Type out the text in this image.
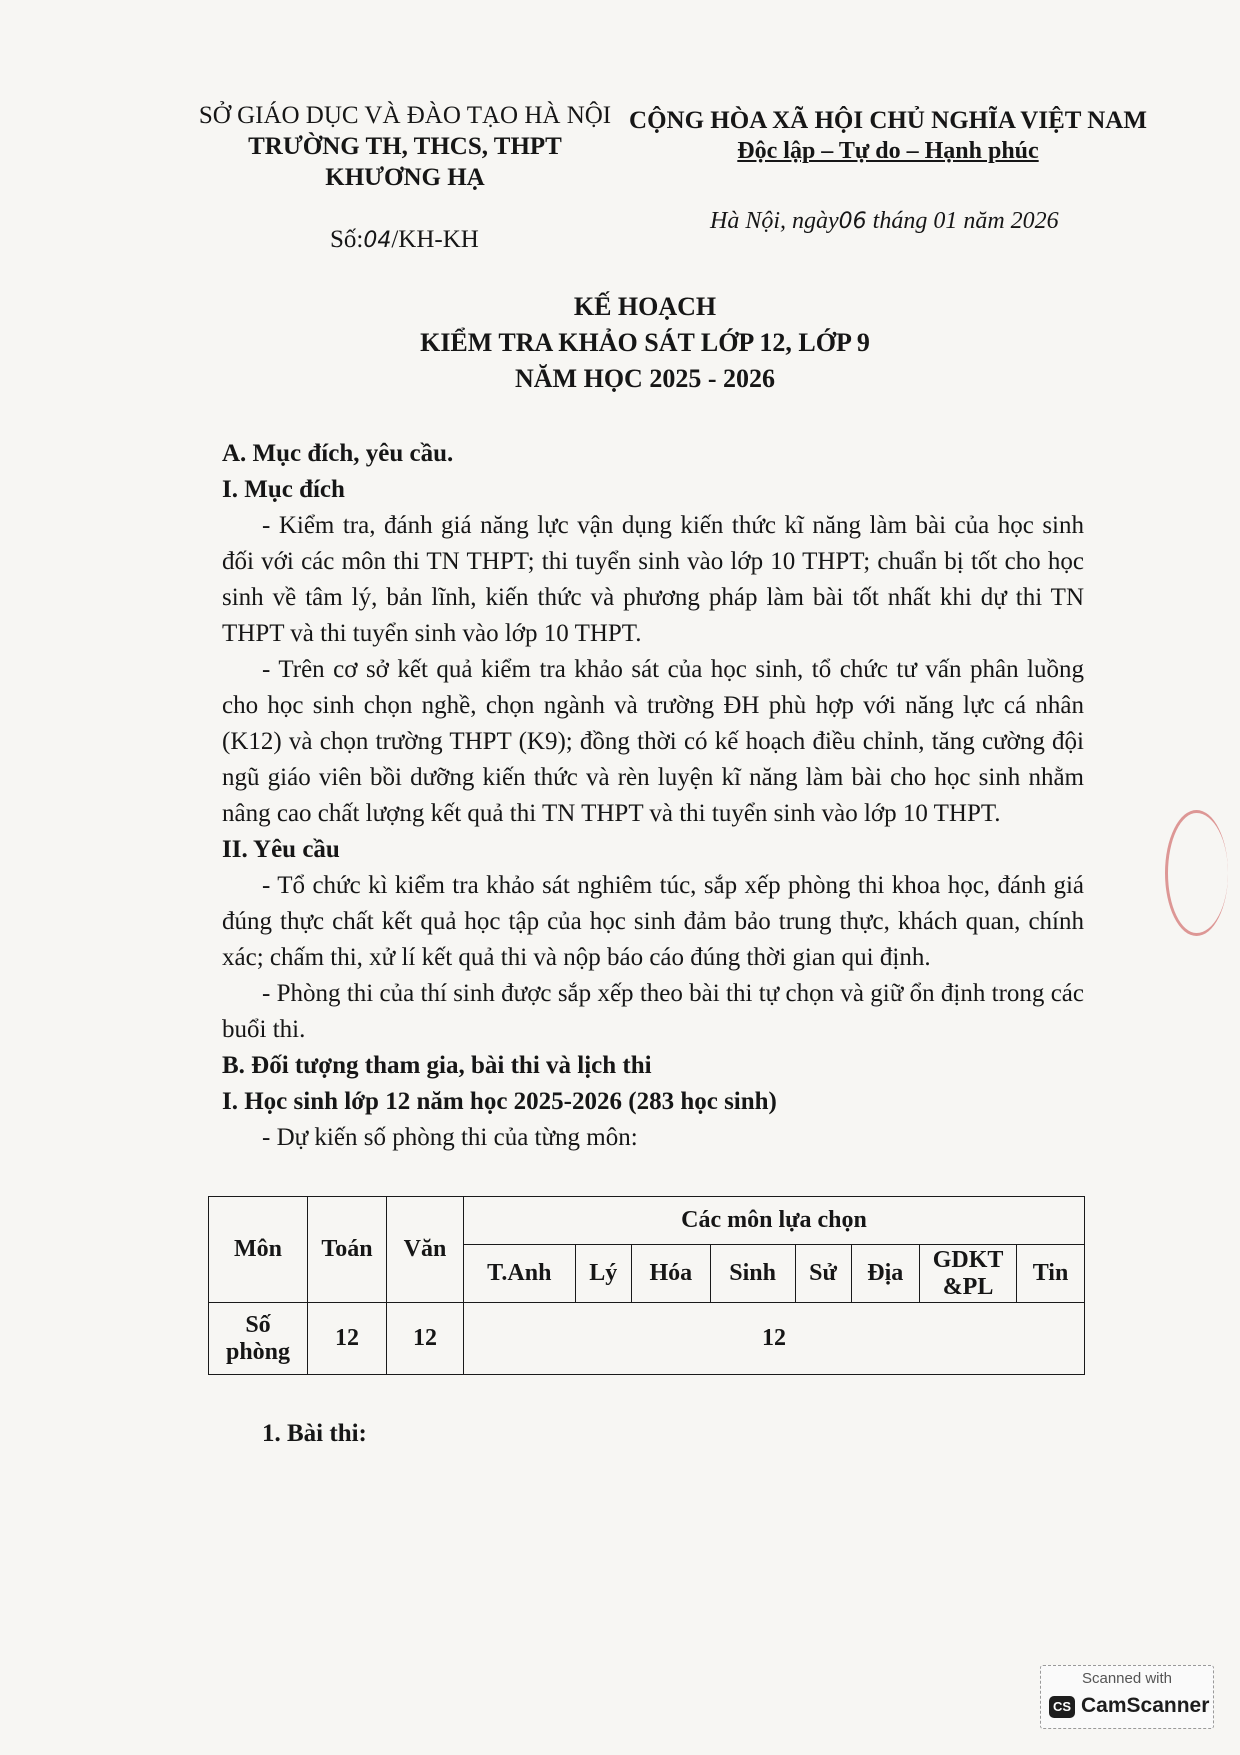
SỞ GIÁO DỤC VÀ ĐÀO TẠO HÀ NỘI
TRƯỜNG TH, THCS, THPT
KHƯƠNG HẠ
CỘNG HÒA XÃ HỘI CHỦ NGHĨA VIỆT NAM
Độc lập – Tự do – Hạnh phúc
Số:04/KH-KH
Hà Nội, ngày06 tháng 01 năm 2026
KẾ HOẠCH
KIỂM TRA KHẢO SÁT LỚP 12, LỚP 9
NĂM HỌC 2025 - 2026
A. Mục đích, yêu cầu.
I. Mục đích

- Kiểm tra, đánh giá năng lực vận dụng kiến thức kĩ năng làm bài của học sinh đối với các môn thi TN THPT; thi tuyển sinh vào lớp 10 THPT; chuẩn bị tốt cho học sinh về tâm lý, bản lĩnh, kiến thức và phương pháp làm bài tốt nhất khi dự thi TN THPT và thi tuyển sinh vào lớp 10 THPT.

- Trên cơ sở kết quả kiểm tra khảo sát của học sinh, tổ chức tư vấn phân luồng cho học sinh chọn nghề, chọn ngành và trường ĐH phù hợp với năng lực cá nhân (K12) và chọn trường THPT (K9); đồng thời có kế hoạch điều chỉnh, tăng cường đội ngũ giáo viên bồi dưỡng kiến thức và rèn luyện kĩ năng làm bài cho học sinh nhằm nâng cao chất lượng kết quả thi TN THPT và thi tuyển sinh vào lớp 10 THPT.

II. Yêu cầu

- Tổ chức kì kiểm tra khảo sát nghiêm túc, sắp xếp phòng thi khoa học, đánh giá đúng thực chất kết quả học tập của học sinh đảm bảo trung thực, khách quan, chính xác; chấm thi, xử lí kết quả thi và nộp báo cáo đúng thời gian qui định.

- Phòng thi của thí sinh được sắp xếp theo bài thi tự chọn và giữ ổn định trong các buổi thi.

B. Đối tượng tham gia, bài thi và lịch thi
I. Học sinh lớp 12 năm học 2025-2026 (283 học sinh)

- Dự kiến số phòng thi của từng môn:

Môn	Toán	Văn	Các môn lựa chọn							
			T.Anh	Lý	Hóa	Sinh	Sử	Địa	GDKT &PL	Tin
Số phòng	12	12	12							
1. Bài thi:
Scanned with
CS CamScanner
